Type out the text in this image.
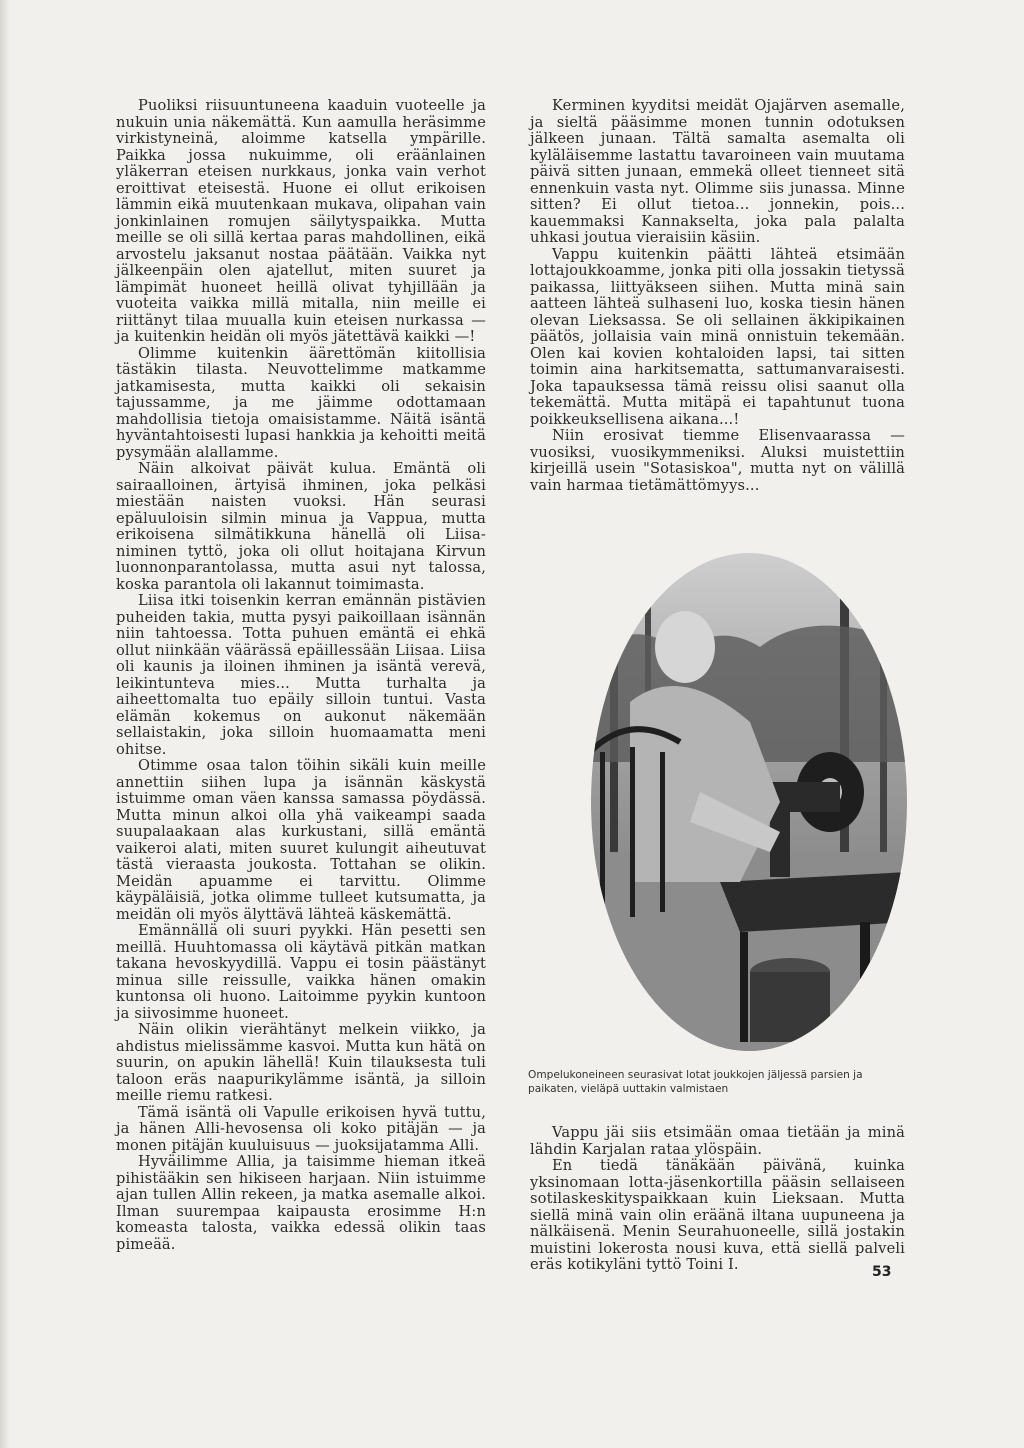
Puoliksi riisuuntuneena kaaduin vuoteelle ja nukuin unia näkemättä. Kun aamulla heräsimme virkistyneinä, aloimme katsella ympärille. Paikka jossa nukuimme, oli eräänlainen yläkerran eteisen nurkkaus, jonka vain verhot eroittivat eteisestä. Huone ei ollut erikoisen lämmin eikä muutenkaan mukava, olipahan vain jonkinlainen romujen säilytyspaikka. Mutta meille se oli sillä kertaa paras mahdollinen, eikä arvostelu jaksanut nostaa päätään. Vaikka nyt jälkeenpäin olen ajatellut, miten suuret ja lämpimät huoneet heillä olivat tyhjillään ja vuoteita vaikka millä mitalla, niin meille ei riittänyt tilaa muualla kuin eteisen nurkassa — ja kuitenkin heidän oli myös jätettävä kaikki —!

Olimme kuitenkin äärettömän kiitollisia tästäkin tilasta. Neuvottelimme matkamme jatkamisesta, mutta kaikki oli sekaisin tajussamme, ja me jäimme odottamaan mahdollisia tietoja omaisistamme. Näitä isäntä hyväntahtoisesti lupasi hankkia ja kehoitti meitä pysymään alallamme.

Näin alkoivat päivät kulua. Emäntä oli sairaalloinen, ärtyisä ihminen, joka pelkäsi miestään naisten vuoksi. Hän seurasi epäluuloisin silmin minua ja Vappua, mutta erikoisena silmätikkuna hänellä oli Liisa-niminen tyttö, joka oli ollut hoitajana Kirvun luonnonparantolassa, mutta asui nyt talossa, koska parantola oli lakannut toimimasta.

Liisa itki toisenkin kerran emännän pistävien puheiden takia, mutta pysyi paikoillaan isännän niin tahtoessa. Totta puhuen emäntä ei ehkä ollut niinkään väärässä epäillessään Liisaa. Liisa oli kaunis ja iloinen ihminen ja isäntä verevä, leikintunteva mies... Mutta turhalta ja aiheettomalta tuo epäily silloin tuntui. Vasta elämän kokemus on aukonut näkemään sellaistakin, joka silloin huomaamatta meni ohitse.

Otimme osaa talon töihin sikäli kuin meille annettiin siihen lupa ja isännän käskystä istuimme oman väen kanssa samassa pöydässä. Mutta minun alkoi olla yhä vaikeampi saada suupalaakaan alas kurkustani, sillä emäntä vaikeroi alati, miten suuret kulungit aiheutuvat tästä vieraasta joukosta. Tottahan se olikin. Meidän apuamme ei tarvittu. Olimme käypäläisiä, jotka olimme tulleet kutsumatta, ja meidän oli myös älyttävä lähteä käskemättä.

Emännällä oli suuri pyykki. Hän pesetti sen meillä. Huuhtomassa oli käytävä pitkän matkan takana hevoskyydillä. Vappu ei tosin päästänyt minua sille reissulle, vaikka hänen omakin kuntonsa oli huono. Laitoimme pyykin kuntoon ja siivosimme huoneet.

Näin olikin vierähtänyt melkein viikko, ja ahdistus mielissämme kasvoi. Mutta kun hätä on suurin, on apukin lähellä! Kuin tilauksesta tuli taloon eräs naapurikylämme isäntä, ja silloin meille riemu ratkesi.

Tämä isäntä oli Vapulle erikoisen hyvä tuttu, ja hänen Alli-hevosensa oli koko pitäjän — ja monen pitäjän kuuluisuus — juoksijatamma Alli.

Hyväilimme Alliа, ja taisimme hieman itkeä pihistääkin sen hikiseen harjaan. Niin istuimme ajan tullen Allin rekeen, ja matka asemalle alkoi. Ilman suurempaa kaipausta erosimme H:n komeasta talosta, vaikka edessä olikin taas pimeää.

Kerminen kyyditsi meidät Ojajärven asemalle, ja sieltä pääsimme monen tunnin odotuksen jälkeen junaan. Tältä samalta asemalta oli kyläläisemme lastattu tavaroineen vain muutama päivä sitten junaan, emmekä olleet tienneet sitä ennenkuin vasta nyt. Olimme siis junassa. Minne sitten? Ei ollut tietoa... jonnekin, pois... kauemmaksi Kannakselta, joka pala palalta uhkasi joutua vieraisiin käsiin.

Vappu kuitenkin päätti lähteä etsimään lottajoukkoamme, jonka piti olla jossakin tietyssä paikassa, liittyäkseen siihen. Mutta minä sain aatteen lähteä sulhaseni luo, koska tiesin hänen olevan Lieksassa. Se oli sellainen äkkipikainen päätös, jollaisia vain minä onnistuin tekemään. Olen kai kovien kohtaloiden lapsi, tai sitten toimin aina harkitsematta, sattumanvaraisesti. Joka tapauksessa tämä reissu olisi saanut olla tekemättä. Mutta mitäpä ei tapahtunut tuona poikkeuksellisena aikana...!

Niin erosivat tiemme Elisenvaarassa — vuosiksi, vuosikymmeniksi. Aluksi muistettiin kirjeillä usein "Sotasiskoa", mutta nyt on välillä vain harmaa tietämättömyys...

Ompelukoneineen seurasivat lotat joukkojen jäljessä parsien ja paikaten, vieläpä uuttakin valmistaen

Vappu jäi siis etsimään omaa tietään ja minä lähdin Karjalan rataa ylöspäin.

En tiedä tänäkään päivänä, kuinka yksinomaan lotta-jäsenkortilla pääsin sellaiseen sotilaskeskityspaikkaan kuin Lieksaan. Mutta siellä minä vain olin eräänä iltana uupuneena ja nälkäisenä. Menin Seurahuoneelle, sillä jostakin muistini lokerosta nousi kuva, että siellä palveli eräs kotikyläni tyttö Toini I.	53
